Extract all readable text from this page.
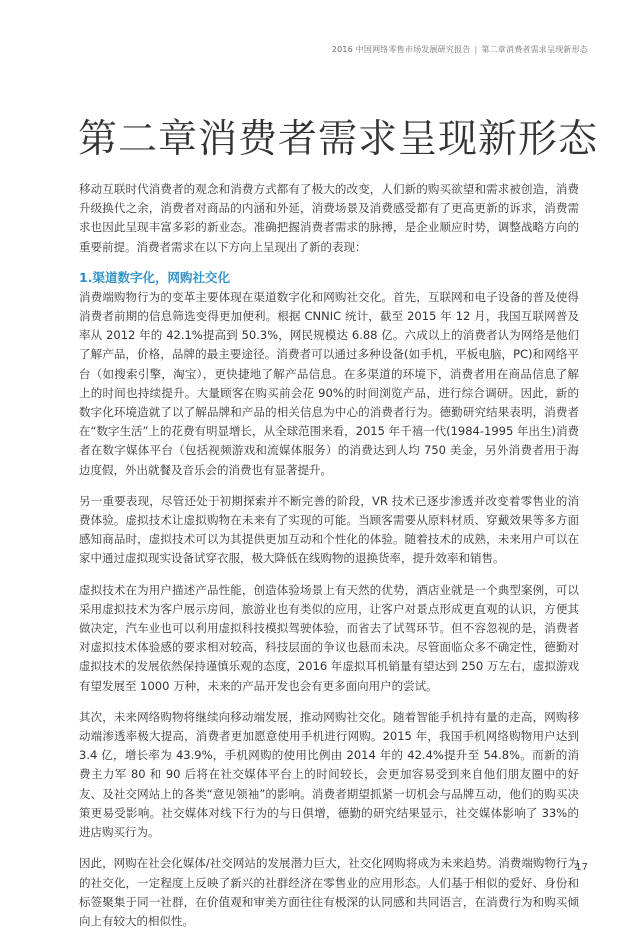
2016 中国网络零售市场发展研究报告 | 第二章消费者需求呈现新形态
第二章消费者需求呈现新形态

移动互联时代消费者的观念和消费方式都有了极大的改变，人们新的购买欲望和需求被创造，消费升级换代之余，消费者对商品的内涵和外延，消费场景及消费感受都有了更高更新的诉求，消费需求也因此呈现丰富多彩的新业态。准确把握消费者需求的脉搏，是企业顺应时势，调整战略方向的重要前提。消费者需求在以下方向上呈现出了新的表现：

1.渠道数字化，网购社交化

消费端购物行为的变革主要体现在渠道数字化和网购社交化。首先，互联网和电子设备的普及使得消费者前期的信息筛选变得更加便利。根据 CNNIC 统计，截至 2015 年 12 月，我国互联网普及率从 2012 年的 42.1%提高到 50.3%，网民规模达 6.88 亿。六成以上的消费者认为网络是他们了解产品，价格，品牌的最主要途径。消费者可以通过多种设备(如手机，平板电脑，PC)和网络平台（如搜索引擎，淘宝），更快捷地了解产品信息。在多渠道的环境下，消费者用在商品信息了解上的时间也持续提升。大量顾客在购买前会花 90%的时间浏览产品，进行综合调研。因此，新的数字化环境造就了以了解品牌和产品的相关信息为中心的消费者行为。德勤研究结果表明，消费者在“数字生活”上的花费有明显增长，从全球范围来看，2015 年千禧一代(1984-1995 年出生)消费者在数字媒体平台（包括视频游戏和流媒体服务）的消费达到人均 750 美金，另外消费者用于海边度假，外出就餐及音乐会的消费也有显著提升。

另一重要表现，尽管还处于初期探索并不断完善的阶段，VR 技术已逐步渗透并改变着零售业的消费体验。虚拟技术让虚拟购物在未来有了实现的可能。当顾客需要从原料材质、穿戴效果等多方面感知商品时，虚拟技术可以为其提供更加互动和个性化的体验。随着技术的成熟，未来用户可以在家中通过虚拟现实设备试穿衣服，极大降低在线购物的退换货率，提升效率和销售。

虚拟技术在为用户描述产品性能，创造体验场景上有天然的优势，酒店业就是一个典型案例，可以采用虚拟技术为客户展示房间，旅游业也有类似的应用，让客户对景点形成更直观的认识，方便其做决定，汽车业也可以利用虚拟科技模拟驾驶体验，而省去了试驾环节。但不容忽视的是，消费者对虚拟技术体验感的要求相对较高，科技层面的争议也悬而未决。尽管面临众多不确定性，德勤对虚拟技术的发展依然保持谨慎乐观的态度，2016 年虚拟耳机销量有望达到 250 万左右，虚拟游戏有望发展至 1000 万种，未来的产品开发也会有更多面向用户的尝试。

其次，未来网络购物将继续向移动端发展，推动网购社交化。随着智能手机持有量的走高，网购移动端渗透率极大提高，消费者更加愿意使用手机进行网购。2015 年，我国手机网络购物用户达到 3.4 亿，增长率为 43.9%，手机网购的使用比例由 2014 年的 42.4%提升至 54.8%。而新的消费主力军 80 和 90 后将在社交媒体平台上的时间较长，会更加容易受到来自他们朋友圈中的好友、及社交网站上的各类“意见领袖”的影响。消费者期望抓紧一切机会与品牌互动，他们的购买决策更易受影响。社交媒体对线下行为的与日俱增，德勤的研究结果显示，社交媒体影响了 33%的进店购买行为。

因此，网购在社会化媒体/社交网站的发展潜力巨大，社交化网购将成为未来趋势。消费端购物行为的社交化，一定程度上反映了新兴的社群经济在零售业的应用形态。人们基于相似的爱好、身份和标签聚集于同一社群，在价值观和审美方面往往有极深的认同感和共同语言，在消费行为和购买倾向上有较大的相似性。

17
